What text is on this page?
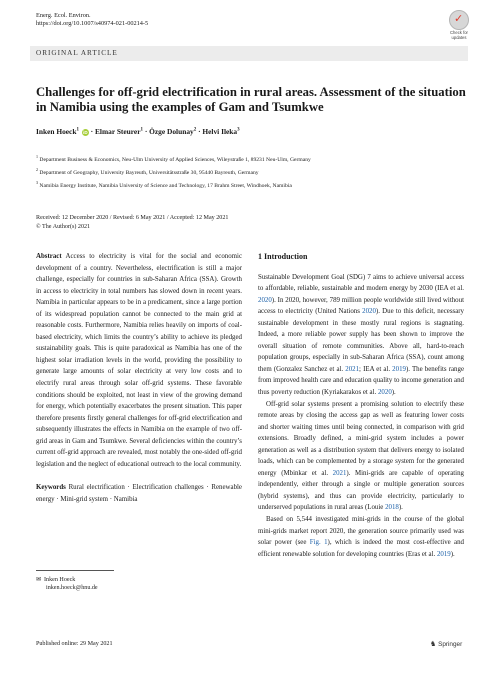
Energ. Ecol. Environ.
https://doi.org/10.1007/s40974-021-00214-5	✓
Check for
updates
ORIGINAL ARTICLE
Challenges for off-grid electrification in rural areas. Assessment of the situation in Namibia using the examples of Gam and Tsumkwe
Inken Hoeck$^1$ iD · Elmar Steurer$^1$ · Özge Dolunay$^2$ · Helvi Ileka$^3$
$^1$ Department Business & Economics, Neu-Ulm University of Applied Sciences, Wileystraße 1, 89231 Neu-Ulm, Germany
$^2$ Department of Geography, University Bayreuth, Universitätsstraße 30, 95440 Bayreuth, Germany
$^3$ Namibia Energy Institute, Namibia University of Science and Technology, 17 Brahm Street, Windhoek, Namibia
Received: 12 December 2020 / Revised: 6 May 2021 / Accepted: 12 May 2021
© The Author(s) 2021

Abstract Access to electricity is vital for the social and economic development of a country. Nevertheless, electrification is still a major challenge, especially for countries in sub-Saharan Africa (SSA). Growth in access to electricity in total numbers has slowed down in recent years. Namibia in particular appears to be in a predicament, since a large portion of its widespread population cannot be connected to the main grid at reasonable costs. Furthermore, Namibia relies heavily on imports of coal-based electricity, which limits the country’s ability to achieve its pledged sustainability goals. This is quite paradoxical as Namibia has one of the highest solar irradiation levels in the world, providing the possibility to generate large amounts of solar electricity at very low costs and to electrify rural areas through solar off-grid systems. These favorable conditions should be exploited, not least in view of the growing demand for energy, which potentially exacerbates the present situation. This paper therefore presents firstly general challenges for off-grid electrification and subsequently illustrates the effects in Namibia on the example of two off-grid areas in Gam and Tsumkwe. Several deficiencies within the country’s current off-grid approach are revealed, most notably the one-sided off-grid legislation and the neglect of educational outreach to the local community.

Keywords Rural electrification · Electrification challenges · Renewable energy · Mini-grid system · Namibia

1 Introduction

Sustainable Development Goal (SDG) 7 aims to achieve universal access to affordable, reliable, sustainable and modern energy by 2030 (IEA et al. 2020). In 2020, however, 789 million people worldwide still lived without access to electricity (United Nations 2020). Due to this deficit, necessary sustainable development in these mostly rural regions is stagnating. Indeed, a more reliable power supply has been shown to improve the overall situation of remote communities. Above all, hard-to-reach population groups, especially in sub-Saharan Africa (SSA), count among them (Gonzalez Sanchez et al. 2021; IEA et al. 2019). The benefits range from improved health care and education quality to income generation and thus poverty reduction (Kyriakarakos et al. 2020).

Off-grid solar systems present a promising solution to electrify these remote areas by closing the access gap as well as featuring lower costs and shorter waiting times until being connected, in comparison with grid extensions. Broadly defined, a mini-grid system includes a power generation as well as a distribution system that delivers energy to isolated loads, which can be complemented by a storage system for the generated energy (Mbinkar et al. 2021). Mini-grids are capable of operating independently, either through a single or multiple generation sources (hybrid systems), and thus can provide electricity, particularly to underserved populations in rural areas (Louie 2018).

Based on 5,544 investigated mini-grids in the course of the global mini-grids market report 2020, the generation source primarily used was solar power (see Fig. 1), which is indeed the most cost-effective and efficient renewable solution for developing countries (Eras et al. 2019).

✉ Inken Hoeck
inken.hoeck@hnu.de
Published online: 29 May 2021	♞ Springer
